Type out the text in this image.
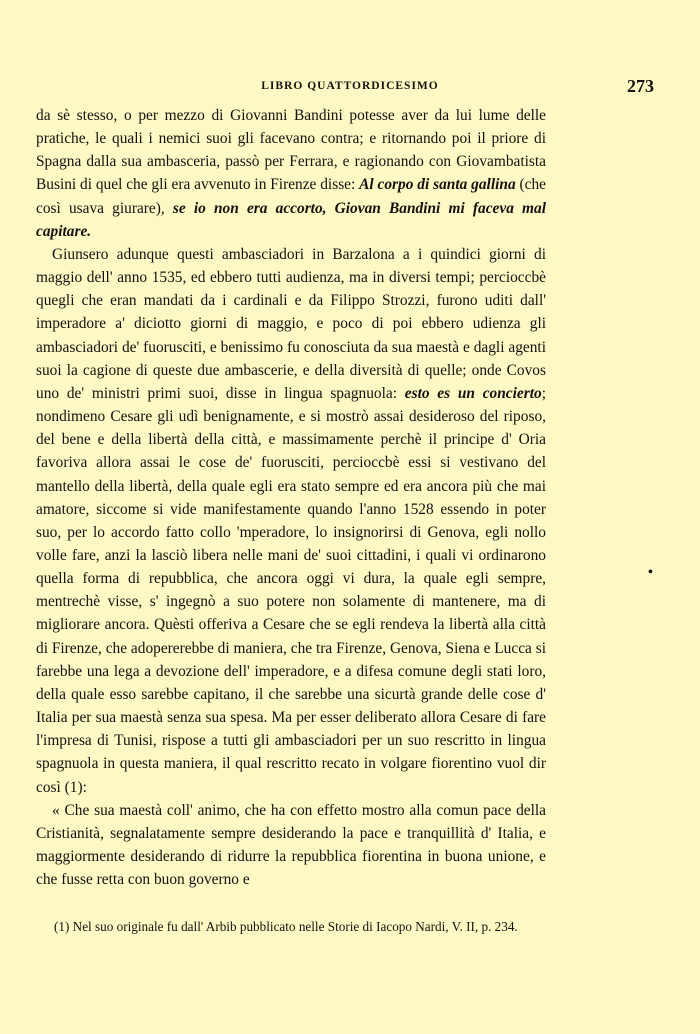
LIBRO QUATTORDICESIMO	273

da sè stesso, o per mezzo di Giovanni Bandini potesse aver da lui lume delle pratiche, le quali i nemici suoi gli facevano contra; e ritornando poi il priore di Spagna dalla sua ambasceria, passò per Ferrara, e ragionando con Giovambatista Busini di quel che gli era avvenuto in Firenze disse: Al corpo di santa gallina (che così usava giurare), se io non era accorto, Giovan Bandini mi faceva mal capitare.

Giunsero adunque questi ambasciadori in Barzalona a i quindici giorni di maggio dell' anno 1535, ed ebbero tutti audienza, ma in diversi tempi; percioccbè quegli che eran mandati da i cardinali e da Filippo Strozzi, furono uditi dall' imperadore a' diciotto giorni di maggio, e poco di poi ebbero udienza gli ambasciadori de' fuorusciti, e benissimo fu conosciuta da sua maestà e dagli agenti suoi la cagione di queste due ambascerie, e della diversità di quelle; onde Covos uno de' ministri primi suoi, disse in lingua spagnuola: esto es un concierto; nondimeno Cesare gli udì benignamente, e si mostrò assai desideroso del riposo, del bene e della libertà della città, e massimamente perchè il principe d' Oria favoriva allora assai le cose de' fuorusciti, percioccbè essi si vestivano del mantello della libertà, della quale egli era stato sempre ed era ancora più che mai amatore, siccome si vide manifestamente quando l'anno 1528 essendo in poter suo, per lo accordo fatto collo 'mperadore, lo insignorirsi di Genova, egli nollo volle fare, anzi la lasciò libera nelle mani de' suoi cittadini, i quali vi ordinarono quella forma di repubblica, che ancora oggi vi dura, la quale egli sempre, mentrechè visse, s' ingegnò a suo potere non solamente di mantenere, ma di migliorare ancora. Quèsti offeriva a Cesare che se egli rendeva la libertà alla città di Firenze, che adopererebbe di maniera, che tra Firenze, Genova, Siena e Lucca si farebbe una lega a devozione dell' imperadore, e a difesa comune degli stati loro, della quale esso sarebbe capitano, il che sarebbe una sicurtà grande delle cose d' Italia per sua maestà senza sua spesa. Ma per esser deliberato allora Cesare di fare l'impresa di Tunisi, rispose a tutti gli ambasciadori per un suo rescritto in lingua spagnuola in questa maniera, il qual rescritto recato in volgare fiorentino vuol dir così (1):

« Che sua maestà coll' animo, che ha con effetto mostro alla comun pace della Cristianità, segnalatamente sempre desiderando la pace e tranquillità d' Italia, e maggiormente desiderando di ridurre la repubblica fiorentina in buona unione, e che fusse retta con buon governo e

•
(1) Nel suo originale fu dall' Arbib pubblicato nelle Storie di Iacopo Nardi, V. II, p. 234.
